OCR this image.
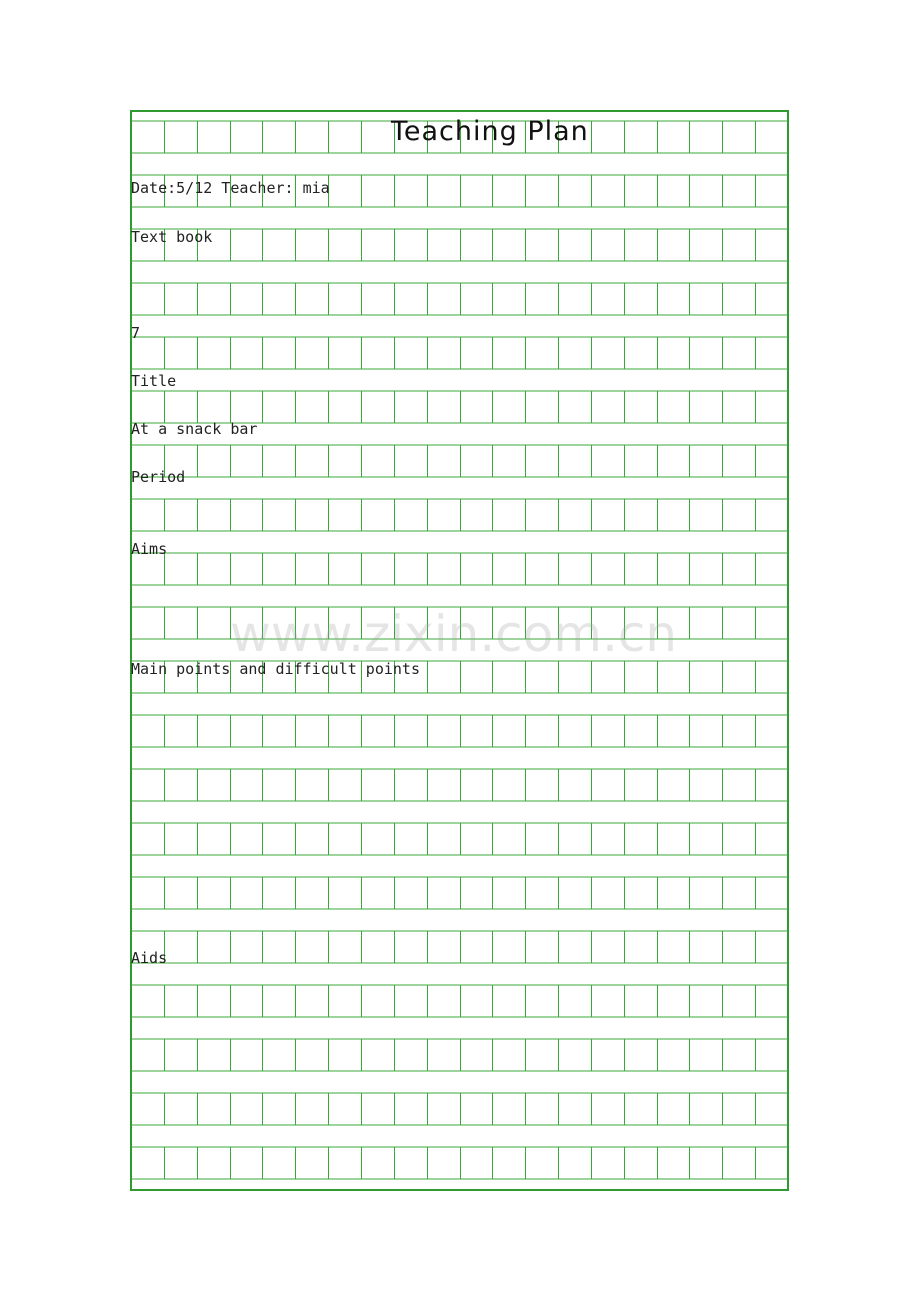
Teaching Plan
Date:5/12 Teacher: mia
Text book
7
Title
At a snack bar
Period
Aims
Main points and difficult points
Aids
www.zixin.com.cn
